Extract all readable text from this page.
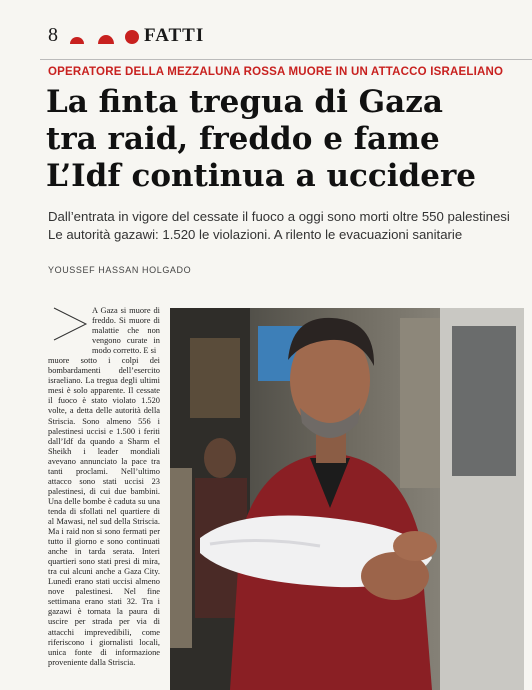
8	FATTI
OPERATORE DELLA MEZZALUNA ROSSA MUORE IN UN ATTACCO ISRAELIANO
La finta tregua di Gaza
tra raid, freddo e fame
L’Idf continua a uccidere
Dall’entrata in vigore del cessate il fuoco a oggi sono morti oltre 550 palestinesi
Le autorità gazawi: 1.520 le violazioni. A rilento le evacuazioni sanitarie
YOUSSEF HASSAN HOLGADO

A Gaza si muore di freddo. Si muore di malattie che non vengono curate in modo corretto. E si

muore sotto i colpi dei bombardamenti dell’esercito israeliano. La tregua degli ultimi mesi è solo apparente. Il cessate il fuoco è stato violato 1.520 volte, a detta delle autorità della Striscia. Sono almeno 556 i palestinesi uccisi e 1.500 i feriti dall’Idf da quando a Sharm el Sheikh i leader mondiali avevano annunciato la pace tra tanti proclami. Nell’ultimo attacco sono stati uccisi 23 palestinesi, di cui due bambini. Una delle bombe è caduta su una tenda di sfollati nel quartiere di al Mawasi, nel sud della Striscia. Ma i raid non si sono fermati per tutto il giorno e sono continuati anche in tarda serata. Interi quartieri sono stati presi di mira, tra cui alcuni anche a Gaza City. Lunedì erano stati uccisi almeno nove palestinesi. Nel fine settimana erano stati 32. Tra i gazawi è tornata la paura di uscire per strada per via di attacchi imprevedibili, come riferiscono i giornalisti locali, unica fonte di informazione proveniente dalla Striscia.
